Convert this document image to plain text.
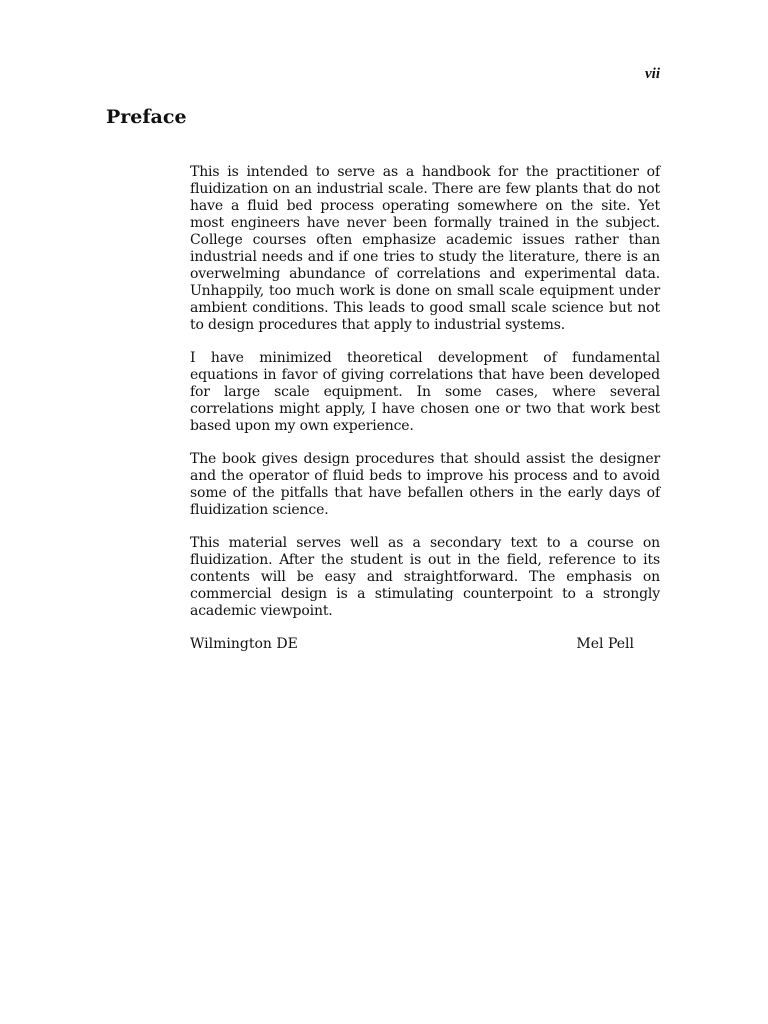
vii
Preface

This is intended to serve as a handbook for the practitioner of fluidization on an industrial scale. There are few plants that do not have a fluid bed process operating somewhere on the site. Yet most engineers have never been formally trained in the subject. College courses often emphasize academic issues rather than industrial needs and if one tries to study the literature, there is an overwelming abundance of correlations and experimental data. Unhappily, too much work is done on small scale equipment under ambient conditions. This leads to good small scale science but not to design procedures that apply to industrial systems.

I have minimized theoretical development of fundamental equations in favor of giving correlations that have been developed for large scale equipment. In some cases, where several correlations might apply, I have chosen one or two that work best based upon my own experience.

The book gives design procedures that should assist the designer and the operator of fluid beds to improve his process and to avoid some of the pitfalls that have befallen others in the early days of fluidization science.

This material serves well as a secondary text to a course on fluidization. After the student is out in the field, reference to its contents will be easy and straightforward. The emphasis on commercial design is a stimulating counterpoint to a strongly academic viewpoint.

Wilmington DE	Mel Pell
